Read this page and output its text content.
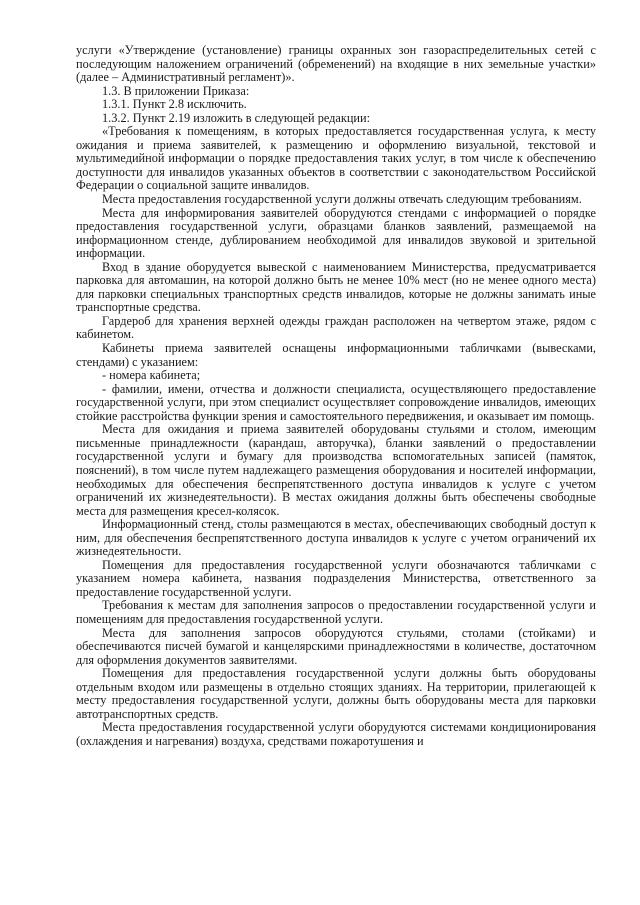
услуги «Утверждение (установление) границы охранных зон газораспределительных сетей с последующим наложением ограничений (обременений) на входящие в них земельные участки» (далее – Административный регламент)».

1.3. В приложении Приказа:

1.3.1. Пункт 2.8 исключить.

1.3.2. Пункт 2.19 изложить в следующей редакции:

«Требования к помещениям, в которых предоставляется государственная услуга, к месту ожидания и приема заявителей, к размещению и оформлению визуальной, текстовой и мультимедийной информации о порядке предоставления таких услуг, в том числе к обеспечению доступности для инвалидов указанных объектов в соответствии с законодательством Российской Федерации о социальной защите инвалидов.

Места предоставления государственной услуги должны отвечать следующим требованиям.

Места для информирования заявителей оборудуются стендами с информацией о порядке предоставления государственной услуги, образцами бланков заявлений, размещаемой на информационном стенде, дублированием необходимой для инвалидов звуковой и зрительной информации.

Вход в здание оборудуется вывеской с наименованием Министерства, предусматривается парковка для автомашин, на которой должно быть не менее 10% мест (но не менее одного места) для парковки специальных транспортных средств инвалидов, которые не должны занимать иные транспортные средства.

Гардероб для хранения верхней одежды граждан расположен на четвертом этаже, рядом с кабинетом.

Кабинеты приема заявителей оснащены информационными табличками (вывесками, стендами) с указанием:

- номера кабинета;

- фамилии, имени, отчества и должности специалиста, осуществляющего предоставление государственной услуги, при этом специалист осуществляет сопровождение инвалидов, имеющих стойкие расстройства функции зрения и самостоятельного передвижения, и оказывает им помощь.

Места для ожидания и приема заявителей оборудованы стульями и столом, имеющим письменные принадлежности (карандаш, авторучка), бланки заявлений о предоставлении государственной услуги и бумагу для производства вспомогательных записей (памяток, пояснений), в том числе путем надлежащего размещения оборудования и носителей информации, необходимых для обеспечения беспрепятственного доступа инвалидов к услуге с учетом ограничений их жизнедеятельности). В местах ожидания должны быть обеспечены свободные места для размещения кресел-колясок.

Информационный стенд, столы размещаются в местах, обеспечивающих свободный доступ к ним, для обеспечения беспрепятственного доступа инвалидов к услуге с учетом ограничений их жизнедеятельности.

Помещения для предоставления государственной услуги обозначаются табличками с указанием номера кабинета, названия подразделения Министерства, ответственного за предоставление государственной услуги.

Требования к местам для заполнения запросов о предоставлении государственной услуги и помещениям для предоставления государственной услуги.

Места для заполнения запросов оборудуются стульями, столами (стойками) и обеспечиваются писчей бумагой и канцелярскими принадлежностями в количестве, достаточном для оформления документов заявителями.

Помещения для предоставления государственной услуги должны быть оборудованы отдельным входом или размещены в отдельно стоящих зданиях. На территории, прилегающей к месту предоставления государственной услуги, должны быть оборудованы места для парковки автотранспортных средств.

Места предоставления государственной услуги оборудуются системами кондиционирования (охлаждения и нагревания) воздуха, средствами пожаротушения и
